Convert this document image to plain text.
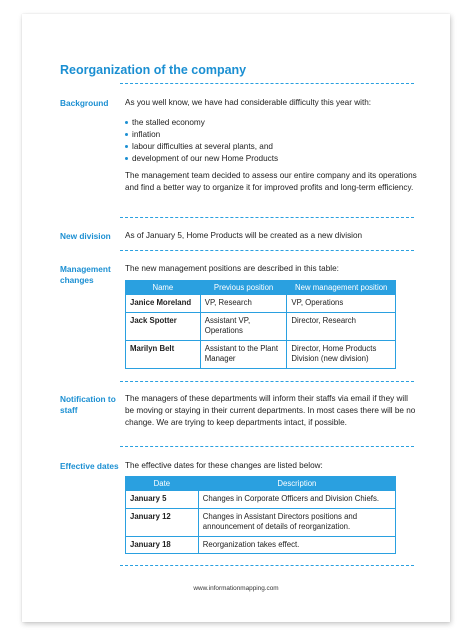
Reorganization of the company
Background	As you well know, we have had considerable difficulty this year with:

the stalled economy
inflation
labour difficulties at several plants, and
development of our new Home Products

The management team decided to assess our entire company and its operations and find a better way to organize it for improved profits and long-term efficiency.

New division	As of January 5, Home Products will be created as a new division
Management changes
The new management positions are described in this table:
Name	Previous position	New management position
Janice Moreland	VP, Research	VP, Operations
Jack Spotter	Assistant VP, Operations	Director, Research
Marilyn Belt	Assistant to the Plant Manager	Director, Home Products Division (new division)
Notification to staff
The managers of these departments will inform their staffs via email if they will be moving or staying in their current departments. In most cases there will be no change. We are trying to keep departments intact, if possible.
Effective dates The effective dates for these changes are listed below:
Date	Description
January 5	Changes in Corporate Officers and Division Chiefs.
January 12	Changes in Assistant Directors positions and announcement of details of reorganization.
January 18	Reorganization takes effect.
www.informationmapping.com
